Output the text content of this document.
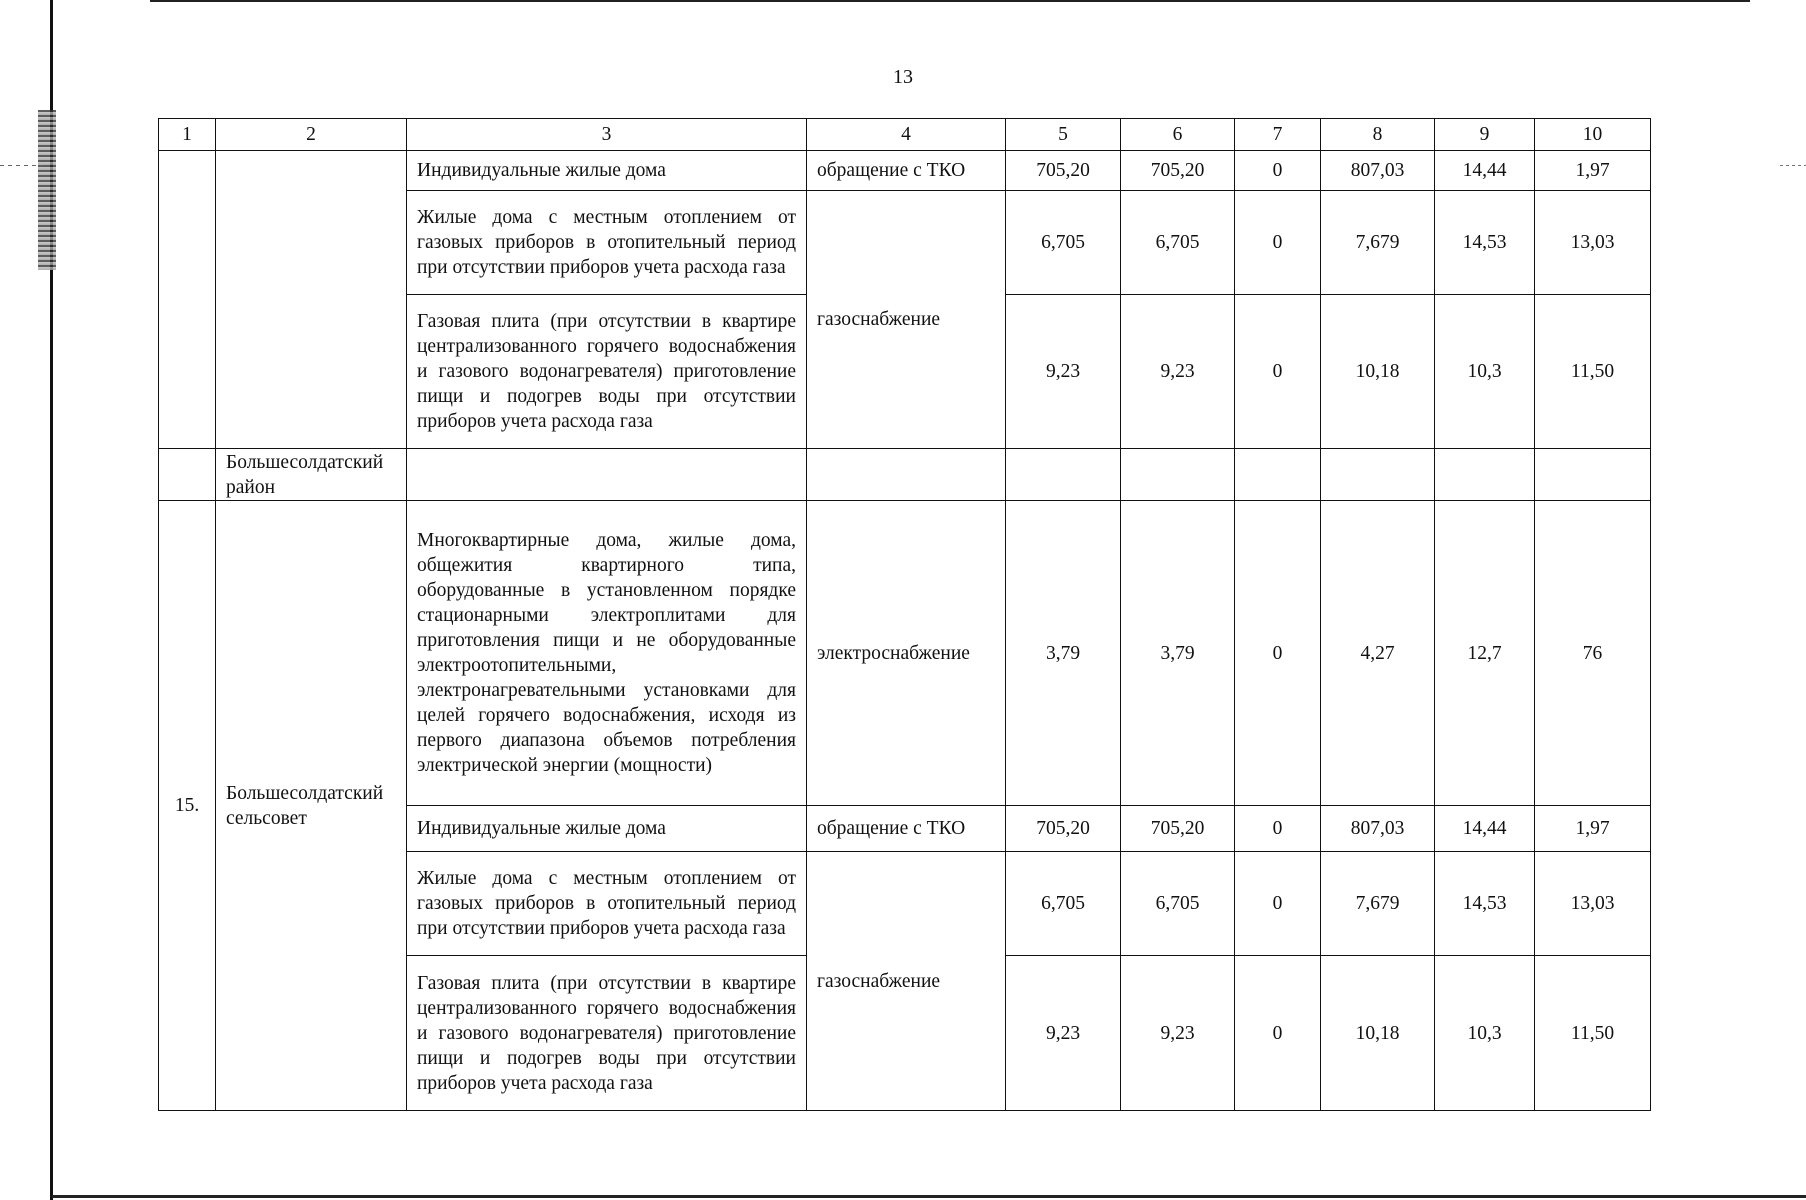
13
1	2	3	4	5	6	7	8	9	10
		Индивидуальные жилые дома	обращение с ТКО	705,20	705,20	0	807,03	14,44	1,97
		Жилые дома с местным отоплением от газовых приборов в отопительный период при отсутствии приборов учета расхода газа	газоснабжение	6,705	6,705	0	7,679	14,53	13,03
		Газовая плита (при отсутствии в квартире централизованного горячего водоснабжения и газового водонагревателя) приготовление пищи и подогрев воды при отсутствии приборов учета расхода газа		9,23	9,23	0	10,18	10,3	11,50
	Большесолдатский район								
15.	Большесолдатский сельсовет	Многоквартирные дома, жилые дома, общежития квартирного типа, оборудованные в установленном порядке стационарными электроплитами для приготовления пищи и не оборудованные электроотопительными, электронагревательными установками для целей горячего водоснабжения, исходя из первого диапазона объемов потребления электрической энергии (мощности)	электроснабжение	3,79	3,79	0	4,27	12,7	76
		Индивидуальные жилые дома	обращение с ТКО	705,20	705,20	0	807,03	14,44	1,97
		Жилые дома с местным отоплением от газовых приборов в отопительный период при отсутствии приборов учета расхода газа	газоснабжение	6,705	6,705	0	7,679	14,53	13,03
		Газовая плита (при отсутствии в квартире централизованного горячего водоснабжения и газового водонагревателя) приготовление пищи и подогрев воды при отсутствии приборов учета расхода газа		9,23	9,23	0	10,18	10,3	11,50
